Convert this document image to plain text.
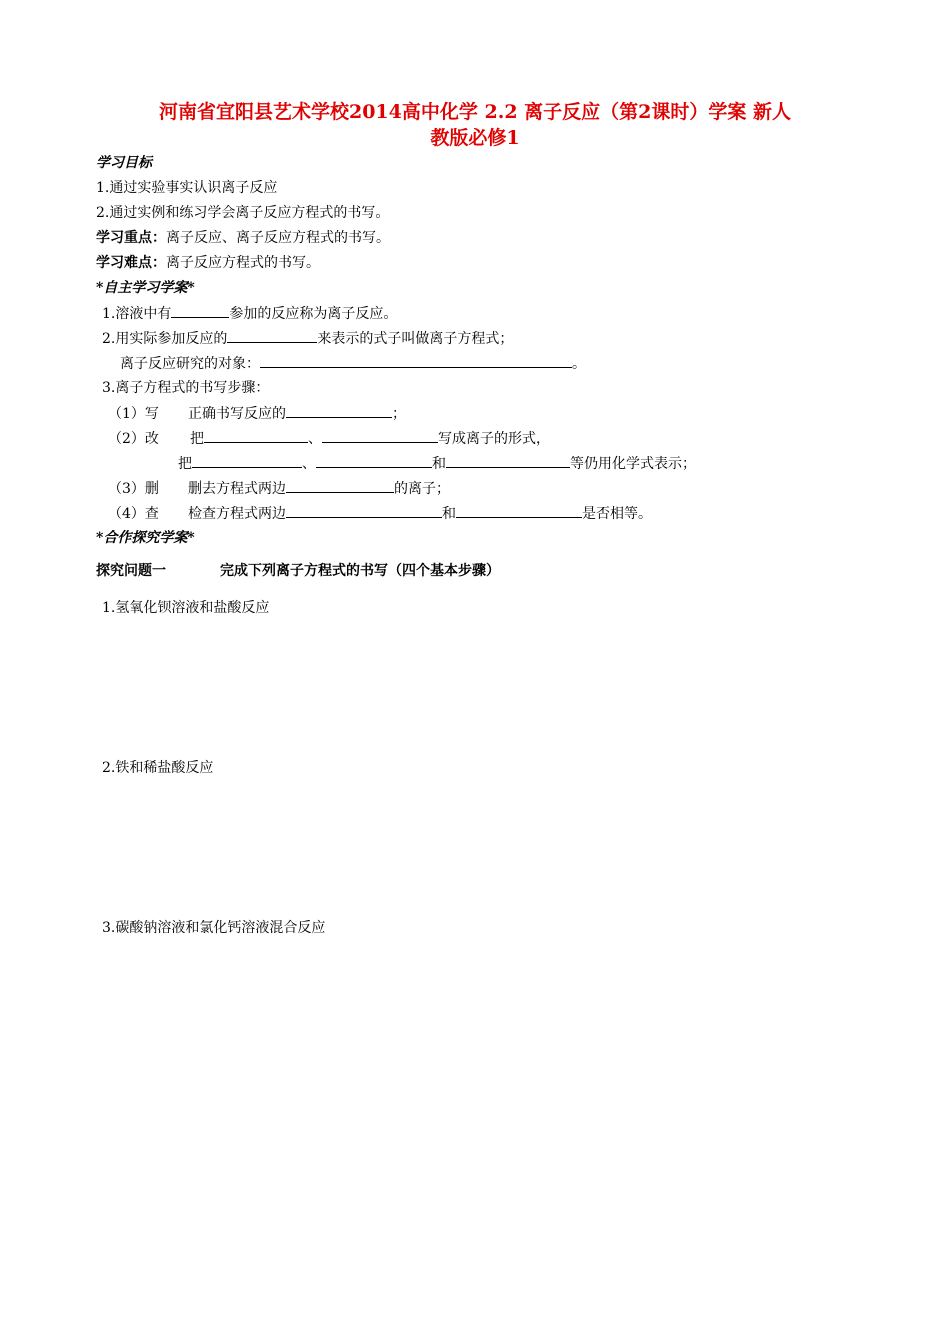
河南省宜阳县艺术学校2014高中化学 2.2 离子反应（第2课时）学案 新人
教版必修1
学习目标
1.通过实验事实认识离子反应
2.通过实例和练习学会离子反应方程式的书写。
学习重点：离子反应、离子反应方程式的书写。
学习难点：离子反应方程式的书写。
*自主学习学案*
1.溶液中有	参加的反应称为离子反应。
2.用实际参加反应的	来表示的式子叫做离子方程式；
离子反应研究的对象：	。
3.离子方程式的书写步骤：
（1）写 正确书写反应的	；
（2）改 把	、	写成离子的形式，
把	、	和	等仍用化学式表示；
（3）删 删去方程式两边	的离子；
（4）查 检查方程式两边	和	是否相等。
*合作探究学案*
探究问题一	完成下列离子方程式的书写（四个基本步骤）
1.氢氧化钡溶液和盐酸反应
2.铁和稀盐酸反应
3.碳酸钠溶液和氯化钙溶液混合反应
